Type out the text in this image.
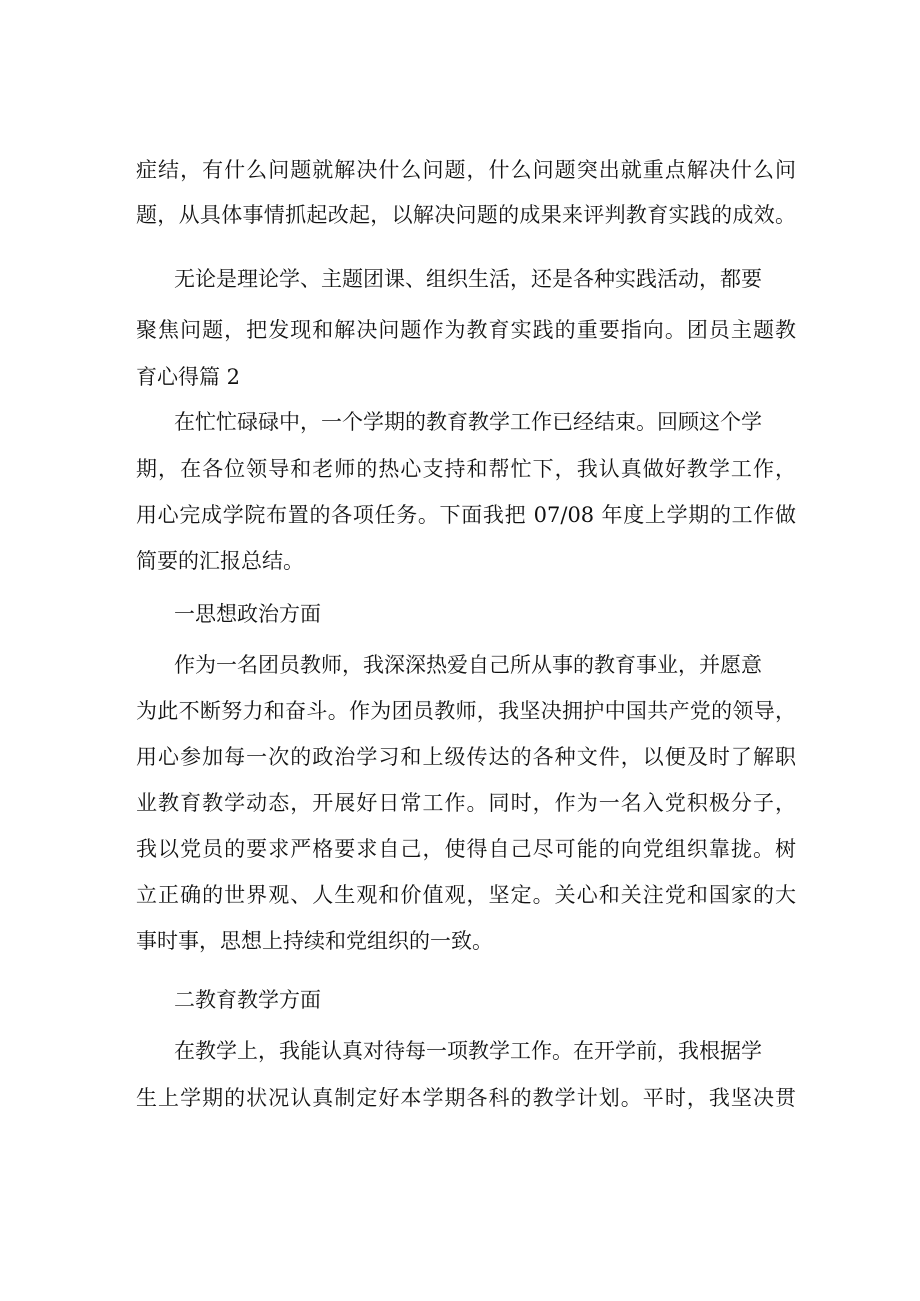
症结，有什么问题就解决什么问题，什么问题突出就重点解决什么问
题，从具体事情抓起改起，以解决问题的成果来评判教育实践的成效。
无论是理论学、主题团课、组织生活，还是各种实践活动，都要
聚焦问题，把发现和解决问题作为教育实践的重要指向。团员主题教
育心得篇 2
在忙忙碌碌中，一个学期的教育教学工作已经结束。回顾这个学
期，在各位领导和老师的热心支持和帮忙下，我认真做好教学工作，
用心完成学院布置的各项任务。下面我把 07/08 年度上学期的工作做
简要的汇报总结。
一思想政治方面
作为一名团员教师，我深深热爱自己所从事的教育事业，并愿意
为此不断努力和奋斗。作为团员教师，我坚决拥护中国共产党的领导，
用心参加每一次的政治学习和上级传达的各种文件，以便及时了解职
业教育教学动态，开展好日常工作。同时，作为一名入党积极分子，
我以党员的要求严格要求自己，使得自己尽可能的向党组织靠拢。树
立正确的世界观、人生观和价值观，坚定。关心和关注党和国家的大
事时事，思想上持续和党组织的一致。
二教育教学方面
在教学上，我能认真对待每一项教学工作。在开学前，我根据学
生上学期的状况认真制定好本学期各科的教学计划。平时，我坚决贯
